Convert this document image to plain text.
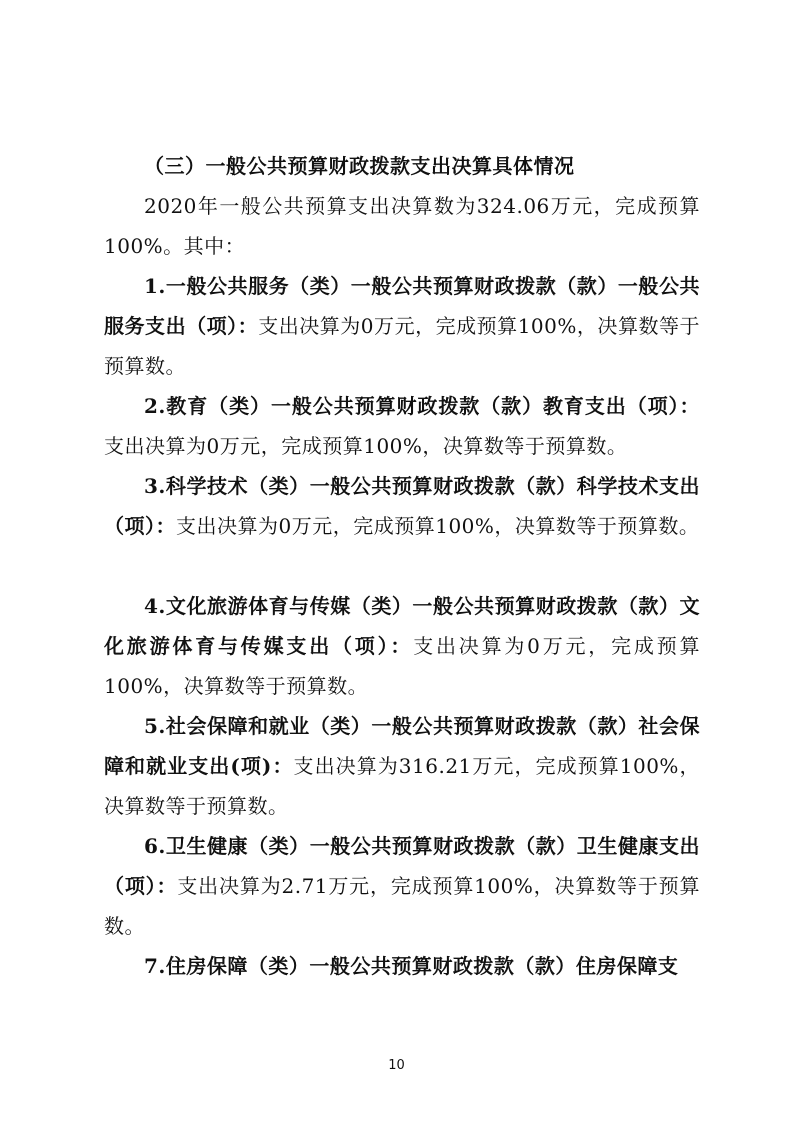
（三）一般公共预算财政拨款支出决算具体情况

2020年一般公共预算支出决算数为324.06万元，完成预算100%。其中：

1.一般公共服务（类）一般公共预算财政拨款（款）一般公共服务支出（项）：支出决算为0万元，完成预算100%，决算数等于预算数。

2.教育（类）一般公共预算财政拨款（款）教育支出（项）：支出决算为0万元，完成预算100%，决算数等于预算数。

3.科学技术（类）一般公共预算财政拨款（款）科学技术支出（项）：支出决算为0万元，完成预算100%，决算数等于预算数。

4.文化旅游体育与传媒（类）一般公共预算财政拨款（款）文化旅游体育与传媒支出（项）：支出决算为0万元，完成预算100%，决算数等于预算数。

5.社会保障和就业（类）一般公共预算财政拨款（款）社会保障和就业支出(项)：支出决算为316.21万元，完成预算100%，决算数等于预算数。

6.卫生健康（类）一般公共预算财政拨款（款）卫生健康支出（项）：支出决算为2.71万元，完成预算100%，决算数等于预算数。

7.住房保障（类）一般公共预算财政拨款（款）住房保障支

10
